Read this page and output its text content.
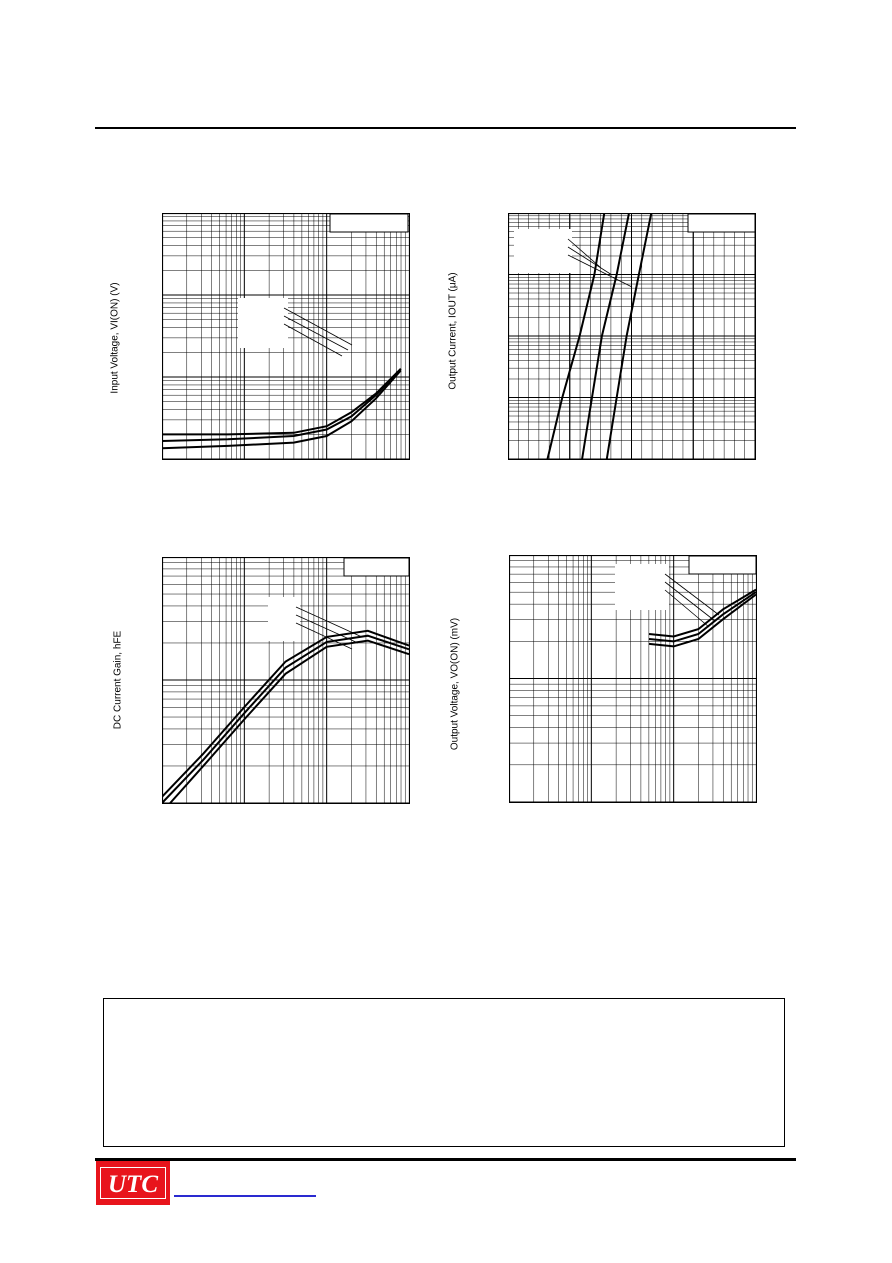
Input Voltage, VI(ON) (V)	Output Current, IOUT (μA)
DC Current Gain, hFE	Output Voltage, VO(ON) (mV)
UTC
